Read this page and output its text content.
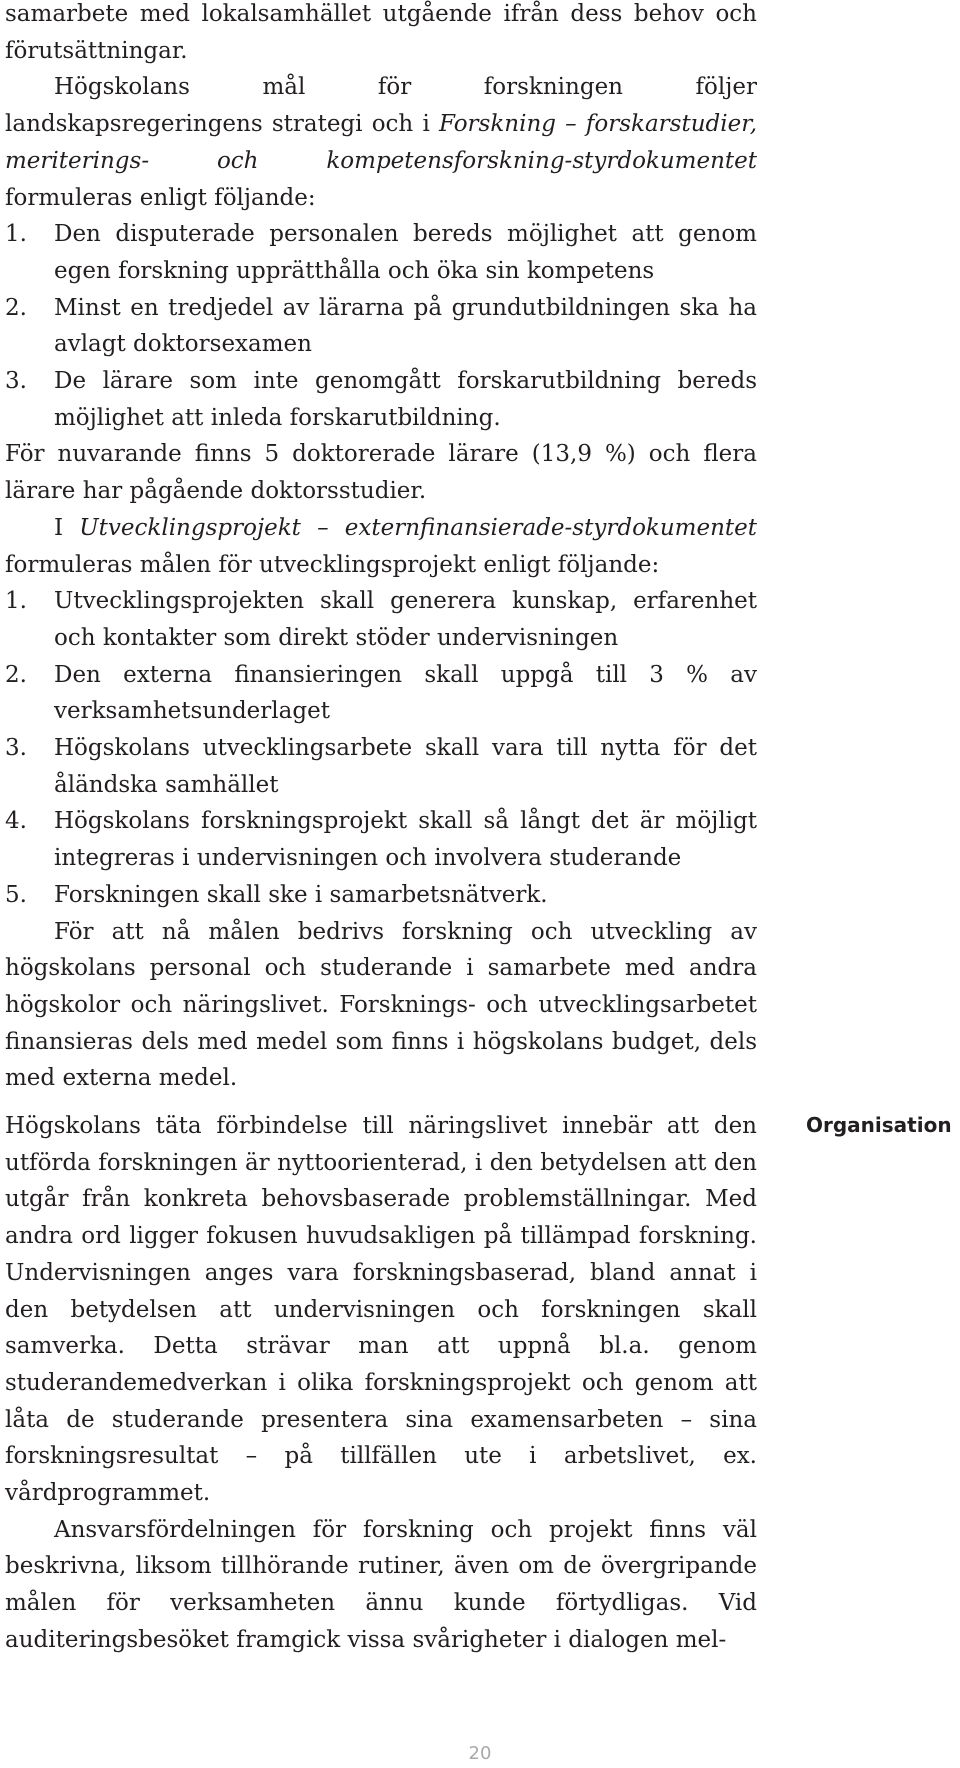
samarbete med lokalsamhället utgående ifrån dess behov och förutsättningar.

Högskolans mål för forskningen följer landskapsregeringens strategi och i Forskning – forskarstudier, meriterings- och kompetensforskning-styrdokumentet formuleras enligt följande:

1.	Den disputerade personalen bereds möjlighet att genom egen forskning upprätthålla och öka sin kompetens
2.	Minst en tredjedel av lärarna på grundutbildningen ska ha avlagt doktorsexamen
3.	De lärare som inte genomgått forskarutbildning bereds möjlighet att inleda forskarutbildning.

För nuvarande finns 5 doktorerade lärare (13,9 %) och flera lärare har pågående doktorsstudier.

I Utvecklingsprojekt – externfinansierade-styrdokumentet formuleras målen för utvecklingsprojekt enligt följande:

1.	Utvecklingsprojekten skall generera kunskap, erfarenhet och kontakter som direkt stöder undervisningen
2.	Den externa finansieringen skall uppgå till 3 % av verksamhetsunderlaget
3.	Högskolans utvecklingsarbete skall vara till nytta för det åländska samhället
4.	Högskolans forskningsprojekt skall så långt det är möjligt integreras i undervisningen och involvera studerande
5.	Forskningen skall ske i samarbetsnätverk.

För att nå målen bedrivs forskning och utveckling av högskolans personal och studerande i samarbete med andra högskolor och näringslivet. Forsknings- och utvecklingsarbetet finansieras dels med medel som finns i högskolans budget, dels med externa medel.

Högskolans täta förbindelse till näringslivet innebär att den utförda forskningen är nyttoorienterad, i den betydelsen att den utgår från konkreta behovsbaserade problemställningar. Med andra ord ligger fokusen huvudsakligen på tillämpad forskning. Undervisningen anges vara forskningsbaserad, bland annat i den betydelsen att undervisningen och forskningen skall samverka. Detta strävar man att uppnå bl.a. genom studerandemedverkan i olika forskningsprojekt och genom att låta de studerande presentera sina examensarbeten – sina forskningsresultat – på tillfällen ute i arbetslivet, ex. vårdprogrammet.

Ansvarsfördelningen för forskning och projekt finns väl beskrivna, liksom tillhörande rutiner, även om de övergripande målen för verksamheten ännu kunde förtydligas. Vid auditeringsbesöket framgick vissa svårigheter i dialogen mel-

Organisation
20
